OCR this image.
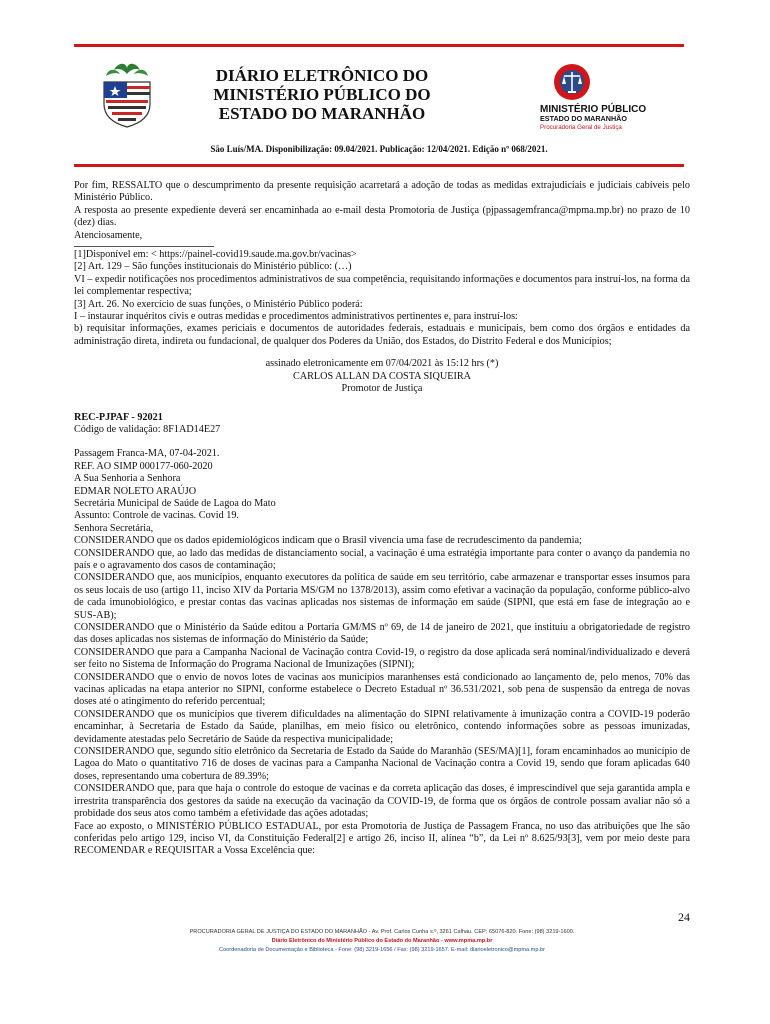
DIÁRIO ELETRÔNICO DO
MINISTÉRIO PÚBLICO DO
ESTADO DO MARANHÃO	MINISTÉRIO PÚBLICO
ESTADO DO MARANHÃO
Procuradoria Geral de Justiça
São Luís/MA. Disponibilização: 09.04/2021. Publicação: 12/04/2021. Edição nº 068/2021.

Por fim, RESSALTO que o descumprimento da presente requisição acarretará a adoção de todas as medidas extrajudiciais e judiciais cabíveis pelo Ministério Público.

A resposta ao presente expediente deverá ser encaminhada ao e-mail desta Promotoria de Justiça (pjpassagemfranca@mpma.mp.br) no prazo de 10 (dez) dias.

Atenciosamente,

[1]Disponível em: < https://painel-covid19.saude.ma.gov.br/vacinas>

[2] Art. 129 – São funções institucionais do Ministério público: (…)

VI – expedir notificações nos procedimentos administrativos de sua competência, requisitando informações e documentos para instruí-los, na forma da lei complementar respectiva;

[3] Art. 26. No exercício de suas funções, o Ministério Público poderá:

I – instaurar inquéritos civis e outras medidas e procedimentos administrativos pertinentes e, para instruí-los:

b) requisitar informações, exames periciais e documentos de autoridades federais, estaduais e municipais, bem como dos órgãos e entidades da administração direta, indireta ou fundacional, de qualquer dos Poderes da União, dos Estados, do Distrito Federal e dos Municípios;

assinado eletronicamente em 07/04/2021 às 15:12 hrs (*)

CARLOS ALLAN DA COSTA SIQUEIRA

Promotor de Justiça

REC-PJPAF - 92021

Código de validação: 8F1AD14E27

Passagem Franca-MA, 07-04-2021.

REF. AO SIMP 000177-060-2020

A Sua Senhoria a Senhora

EDMAR NOLETO ARAÚJO

Secretária Municipal de Saúde de Lagoa do Mato

Assunto: Controle de vacinas. Covid 19.

Senhora Secretária,

CONSIDERANDO que os dados epidemiológicos indicam que o Brasil vivencia uma fase de recrudescimento da pandemia;

CONSIDERANDO que, ao lado das medidas de distanciamento social, a vacinação é uma estratégia importante para conter o avanço da pandemia no país e o agravamento dos casos de contaminação;

CONSIDERANDO que, aos municípios, enquanto executores da política de saúde em seu território, cabe armazenar e transportar esses insumos para os seus locais de uso (artigo 11, inciso XIV da Portaria MS/GM no 1378/2013), assim como efetivar a vacinação da população, conforme público-alvo de cada imunobiológico, e prestar contas das vacinas aplicadas nos sistemas de informação em saúde (SIPNI, que está em fase de integração ao e SUS-AB);

CONSIDERANDO que o Ministério da Saúde editou a Portaria GM/MS nº 69, de 14 de janeiro de 2021, que instituiu a obrigatoriedade de registro das doses aplicadas nos sistemas de informação do Ministério da Saúde;

CONSIDERANDO que para a Campanha Nacional de Vacinação contra Covid-19, o registro da dose aplicada será nominal/individualizado e deverá ser feito no Sistema de Informação do Programa Nacional de Imunizações (SIPNI);

CONSIDERANDO que o envio de novos lotes de vacinas aos municípios maranhenses está condicionado ao lançamento de, pelo menos, 70% das vacinas aplicadas na etapa anterior no SIPNI, conforme estabelece o Decreto Estadual nº 36.531/2021, sob pena de suspensão da entrega de novas doses até o atingimento do referido percentual;

CONSIDERANDO que os municípios que tiverem dificuldades na alimentação do SIPNI relativamente à imunização contra a COVID-19 poderão encaminhar, à Secretaria de Estado da Saúde, planilhas, em meio físico ou eletrônico, contendo informações sobre as pessoas imunizadas, devidamente atestadas pelo Secretário de Saúde da respectiva municipalidade;

CONSIDERANDO que, segundo sítio eletrônico da Secretaria de Estado da Saúde do Maranhão (SES/MA)[1], foram encaminhados ao município de Lagoa do Mato o quantitativo 716 de doses de vacinas para a Campanha Nacional de Vacinação contra a Covid 19, sendo que foram aplicadas 640 doses, representando uma cobertura de 89.39%;

CONSIDERANDO que, para que haja o controle do estoque de vacinas e da correta aplicação das doses, é imprescindível que seja garantida ampla e irrestrita transparência dos gestores da saúde na execução da vacinação da COVID-19, de forma que os órgãos de controle possam avaliar não só a probidade dos seus atos como também a efetividade das ações adotadas;

Face ao exposto, o MINISTÉRIO PÚBLICO ESTADUAL, por esta Promotoria de Justiça de Passagem Franca, no uso das atribuições que lhe são conferidas pelo artigo 129, inciso VI, da Constituição Federal[2] e artigo 26, inciso II, alínea “b”, da Lei nº 8.625/93[3], vem por meio deste para RECOMENDAR e REQUISITAR a Vossa Excelência que:

24
PROCURADORIA GERAL DE JUSTIÇA DO ESTADO DO MARANHÃO - Av. Prof. Carlos Cunha s.º, 3261 Calhau. CEP: 65076-820. Fone: (98) 3219-1600.
Diário Eletrônico do Ministério Público do Estado do Maranhão - www.mpma.mp.br
Coordenadoria de Documentação e Biblioteca - Fone: (98) 3219-1656 / Fax: (98) 3219-1657. E-mail: diarioeletronico@mpma.mp.br
